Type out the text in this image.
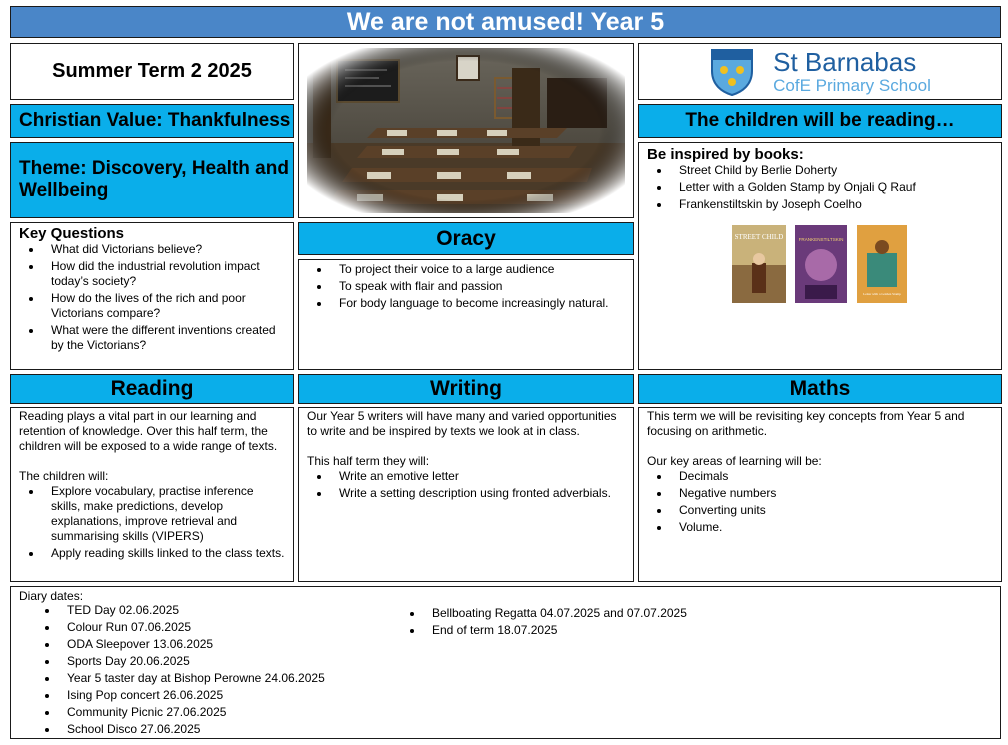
We are not amused! Year 5
Summer Term 2 2025
Christian Value: Thankfulness
Theme: Discovery, Health and Wellbeing
St Barnabas
CofE Primary School
The children will be reading…

Be inspired by books:

• Street Child by Berlie Doherty
• Letter with a Golden Stamp by Onjali Q Rauf
• Frankenstiltskin by Joseph Coelho
STREET CHILD	FRANKENSTILTSKIN
Letter with a Golden Stamp

Key Questions

• What did Victorians believe?
• How did the industrial revolution impact today’s society?
• How do the lives of the rich and poor Victorians compare?
• What were the different inventions created by the Victorians?
Oracy
• To project their voice to a large audience
• To speak with flair and passion
• For body language to become increasingly natural.
Reading	Writing	Maths

Reading plays a vital part in our learning and retention of knowledge. Over this half term, the children will be exposed to a wide range of texts.

The children will:

• Explore vocabulary, practise inference skills, make predictions, develop explanations, improve retrieval and summarising skills (VIPERS)
• Apply reading skills linked to the class texts.

Our Year 5 writers will have many and varied opportunities to write and be inspired by texts we look at in class.

This half term they will:

• Write an emotive letter
• Write a setting description using fronted adverbials.

This term we will be revisiting key concepts from Year 5 and focusing on arithmetic.

Our key areas of learning will be:

• Decimals
• Negative numbers
• Converting units
• Volume.

Diary dates:

• TED Day 02.06.2025
• Colour Run 07.06.2025
• ODA Sleepover 13.06.2025
• Sports Day 20.06.2025
• Year 5 taster day at Bishop Perowne 24.06.2025
• Ising Pop concert 26.06.2025
• Community Picnic 27.06.2025
• School Disco 27.06.2025
• Bellboating Regatta 04.07.2025 and 07.07.2025
• End of term 18.07.2025
